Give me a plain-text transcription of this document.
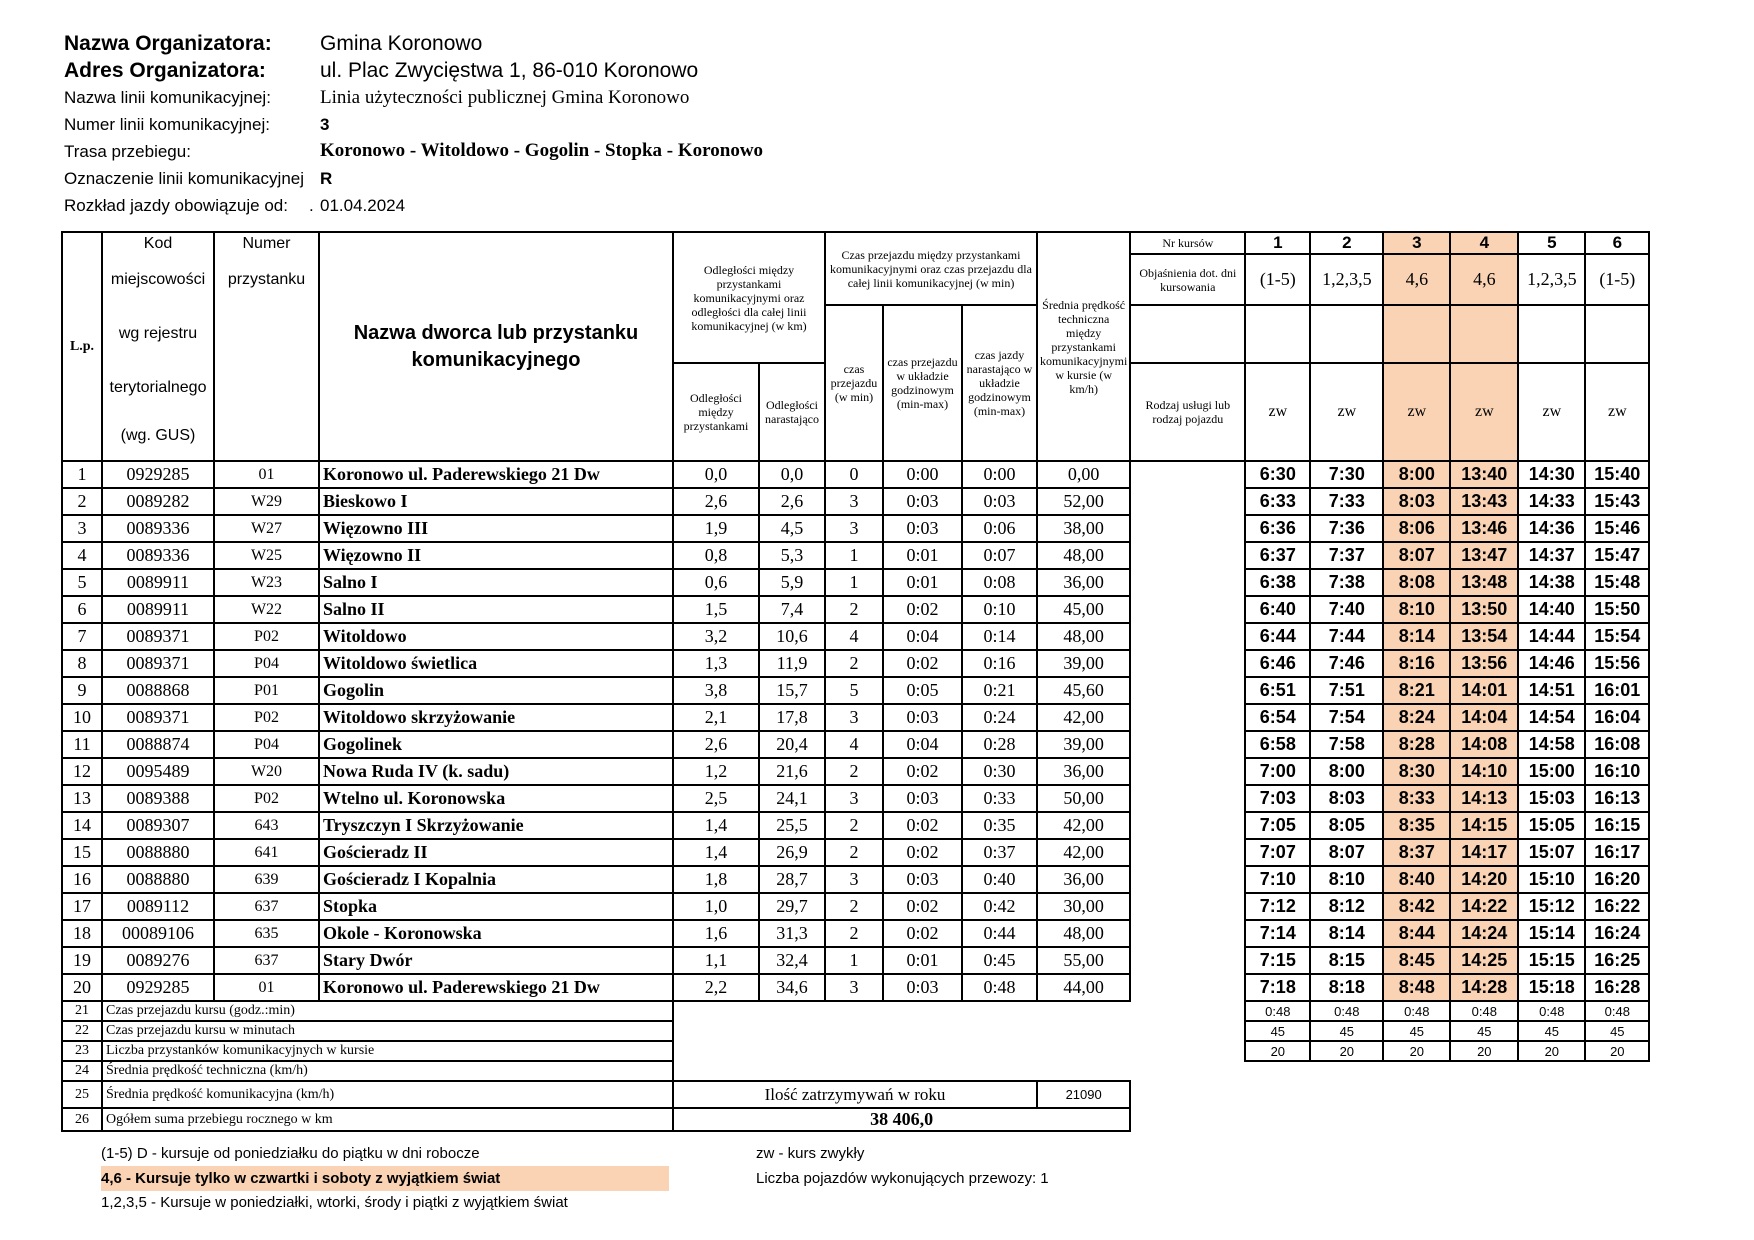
Nazwa Organizatora: Gmina Koronowo
Adres Organizatora:	ul. Plac Zwycięstwa 1, 86-010 Koronowo
Nazwa linii komunikacyjnej:	Linia użyteczności publicznej Gmina Koronowo
Numer linii komunikacyjnej:	3
Trasa przebiegu:	Koronowo - Witoldowo - Gogolin - Stopka - Koronowo
Oznaczenie linii komunikacyjnej R
Rozkład jazdy obowiązuje od: . 01.04.2024
L.p.	Kod	Numer	Nazwa dworca lub przystanku komunikacyjnego	Odległości między przystankami komunikacyjnymi oraz odległości dla całej linii komunikacyjnej (w km)		Czas przejazdu między przystankami komunikacyjnymi oraz czas przejazdu dla całej linii komunikacyjnej (w min)			Średnia prędkość techniczna między przystankami komunikacyjnymi w kursie (w km/h)	Nr kursów	1	2	3	4	5	6
	miejscowości	przystanku								Objaśnienia dot. dni kursowania	(1-5)	1,2,3,5	4,6	4,6	1,2,3,5	(1-5)
	wg rejestru					czas przejazdu (w min)	czas przejazdu w układzie godzinowym (min-max)	czas jazdy narastająco w układzie godzinowym (min-max)								

	terytorialnego
(wg. GUS)			Odległości między przystankami	Odległości narastająco					Rodzaj usługi lub rodzaj pojazdu	zw	zw	zw	zw	zw	zw
1	0929285	01	Koronowo ul. Paderewskiego 21 Dw	0,0	0,0	0	0:00	0:00	0,00		6:30	7:30	8:00	13:40	14:30	15:40
2	0089282	W29	Bieskowo I	2,6	2,6	3	0:03	0:03	52,00		6:33	7:33	8:03	13:43	14:33	15:43
3	0089336	W27	Więzowno III	1,9	4,5	3	0:03	0:06	38,00		6:36	7:36	8:06	13:46	14:36	15:46
4	0089336	W25	Więzowno II	0,8	5,3	1	0:01	0:07	48,00		6:37	7:37	8:07	13:47	14:37	15:47
5	0089911	W23	Salno I	0,6	5,9	1	0:01	0:08	36,00		6:38	7:38	8:08	13:48	14:38	15:48
6	0089911	W22	Salno II	1,5	7,4	2	0:02	0:10	45,00		6:40	7:40	8:10	13:50	14:40	15:50
7	0089371	P02	Witoldowo	3,2	10,6	4	0:04	0:14	48,00		6:44	7:44	8:14	13:54	14:44	15:54
8	0089371	P04	Witoldowo świetlica	1,3	11,9	2	0:02	0:16	39,00		6:46	7:46	8:16	13:56	14:46	15:56
9	0088868	P01	Gogolin	3,8	15,7	5	0:05	0:21	45,60		6:51	7:51	8:21	14:01	14:51	16:01
10	0089371	P02	Witoldowo skrzyżowanie	2,1	17,8	3	0:03	0:24	42,00		6:54	7:54	8:24	14:04	14:54	16:04
11	0088874	P04	Gogolinek	2,6	20,4	4	0:04	0:28	39,00		6:58	7:58	8:28	14:08	14:58	16:08
12	0095489	W20	Nowa Ruda IV (k. sadu)	1,2	21,6	2	0:02	0:30	36,00		7:00	8:00	8:30	14:10	15:00	16:10
13	0089388	P02	Wtelno ul. Koronowska	2,5	24,1	3	0:03	0:33	50,00		7:03	8:03	8:33	14:13	15:03	16:13
14	0089307	643	Tryszczyn I Skrzyżowanie	1,4	25,5	2	0:02	0:35	42,00		7:05	8:05	8:35	14:15	15:05	16:15
15	0088880	641	Gościeradz II	1,4	26,9	2	0:02	0:37	42,00		7:07	8:07	8:37	14:17	15:07	16:17
16	0088880	639	Gościeradz I Kopalnia	1,8	28,7	3	0:03	0:40	36,00		7:10	8:10	8:40	14:20	15:10	16:20
17	0089112	637	Stopka	1,0	29,7	2	0:02	0:42	30,00		7:12	8:12	8:42	14:22	15:12	16:22
18	00089106	635	Okole - Koronowska	1,6	31,3	2	0:02	0:44	48,00		7:14	8:14	8:44	14:24	15:14	16:24
19	0089276	637	Stary Dwór	1,1	32,4	1	0:01	0:45	55,00		7:15	8:15	8:45	14:25	15:15	16:25
20	0929285	01	Koronowo ul. Paderewskiego 21 Dw	2,2	34,6	3	0:03	0:48	44,00		7:18	8:18	8:48	14:28	15:18	16:28
21	Czas przejazdu kursu (godz.:min)										0:48	0:48	0:48	0:48	0:48	0:48
22	Czas przejazdu kursu w minutach										45	45	45	45	45	45
23	Liczba przystanków komunikacyjnych w kursie										20	20	20	20	20	20
24	Średnia prędkość techniczna (km/h)															
25	Średnia prędkość komunikacyjna (km/h)			Ilość zatrzymywań w roku					21090							
26	Ogółem suma przebiegu rocznego w km			38 406,0												
(1-5) D - kursuje od poniedziałku do piątku w dni robocze
4,6 - Kursuje tylko w czwartki i soboty z wyjątkiem świat
1,2,3,5 - Kursuje w poniedziałki, wtorki, środy i piątki z wyjątkiem świat
zw - kurs zwykły
Liczba pojazdów wykonujących przewozy: 1
